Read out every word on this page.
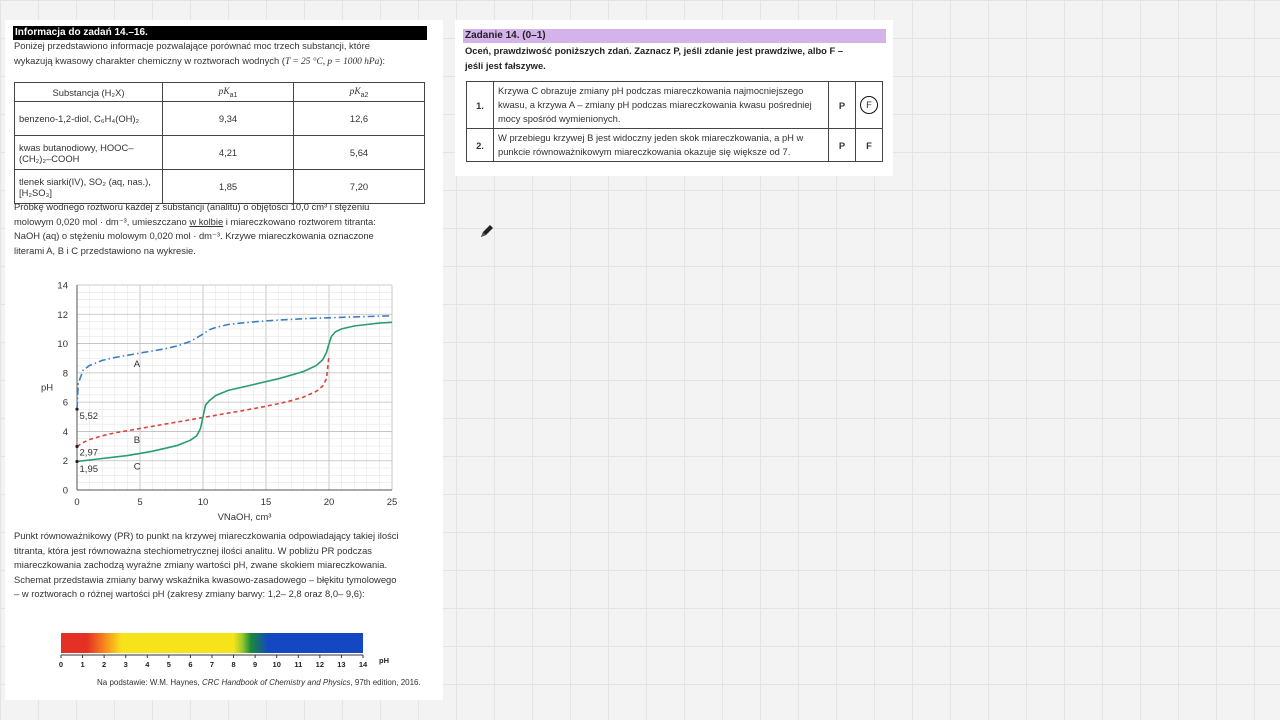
Informacja do zadań 14.–16.

Poniżej przedstawiono informacje pozwalające porównać moc trzech substancji, które

wykazują kwasowy charakter chemiczny w roztworach wodnych (T = 25 °C, p = 1000 hPa):

Substancja (H₂X)	$pK_{a1}$	$pK_{a2}$
benzeno-1,2-diol, C₆H₄(OH)₂	9,34	12,6
kwas butanodiowy, HOOC–(CH₂)₂–COOH	4,21	5,64
tlenek siarki(IV), SO₂ (aq, nas.), [H₂SO₃]	1,85	7,20

Próbkę wodnego roztworu każdej z substancji (analitu) o objętości 10,0 cm³ i stężeniu

molowym 0,020 mol · dm⁻³, umieszczano w kolbie i miareczkowano roztworem titranta:

NaOH (aq) o stężeniu molowym 0,020 mol · dm⁻³. Krzywe miareczkowania oznaczone

literami A, B i C przedstawiono na wykresie.

0	5	10	15	20	25
0
2
4
6
8
10
12
14
pH
VNaOH, cm³
A
B
C
5,52
2,97
1,95

Punkt równoważnikowy (PR) to punkt na krzywej miareczkowania odpowiadający takiej ilości

titranta, która jest równoważna stechiometrycznej ilości analitu. W pobliżu PR podczas

miareczkowania zachodzą wyraźne zmiany wartości pH, zwane skokiem miareczkowania.

Schemat przedstawia zmiany barwy wskaźnika kwasowo-zasadowego – błękitu tymolowego

– w roztworach o różnej wartości pH (zakresy zmiany barwy: 1,2– 2,8 oraz 8,0– 9,6):

0 1 2 3 4 5 6 7 8 9 10 11 12 13 14 pH
Na podstawie: W.M. Haynes, CRC Handbook of Chemistry and Physics, 97th edition, 2016.
Zadanie 14. (0–1)
Oceń, prawdziwość poniższych zdań. Zaznacz P, jeśli zdanie jest prawdziwe, albo F –
jeśli jest fałszywe.
1.	Krzywa C obrazuje zmiany pH podczas miareczkowania najmocniejszego kwasu, a krzywa A – zmiany pH podczas miareczkowania kwasu pośredniej mocy spośród wymienionych.	P	F
2.	W przebiegu krzywej B jest widoczny jeden skok miareczkowania, a pH w punkcie równoważnikowym miareczkowania okazuje się większe od 7.	P	F
